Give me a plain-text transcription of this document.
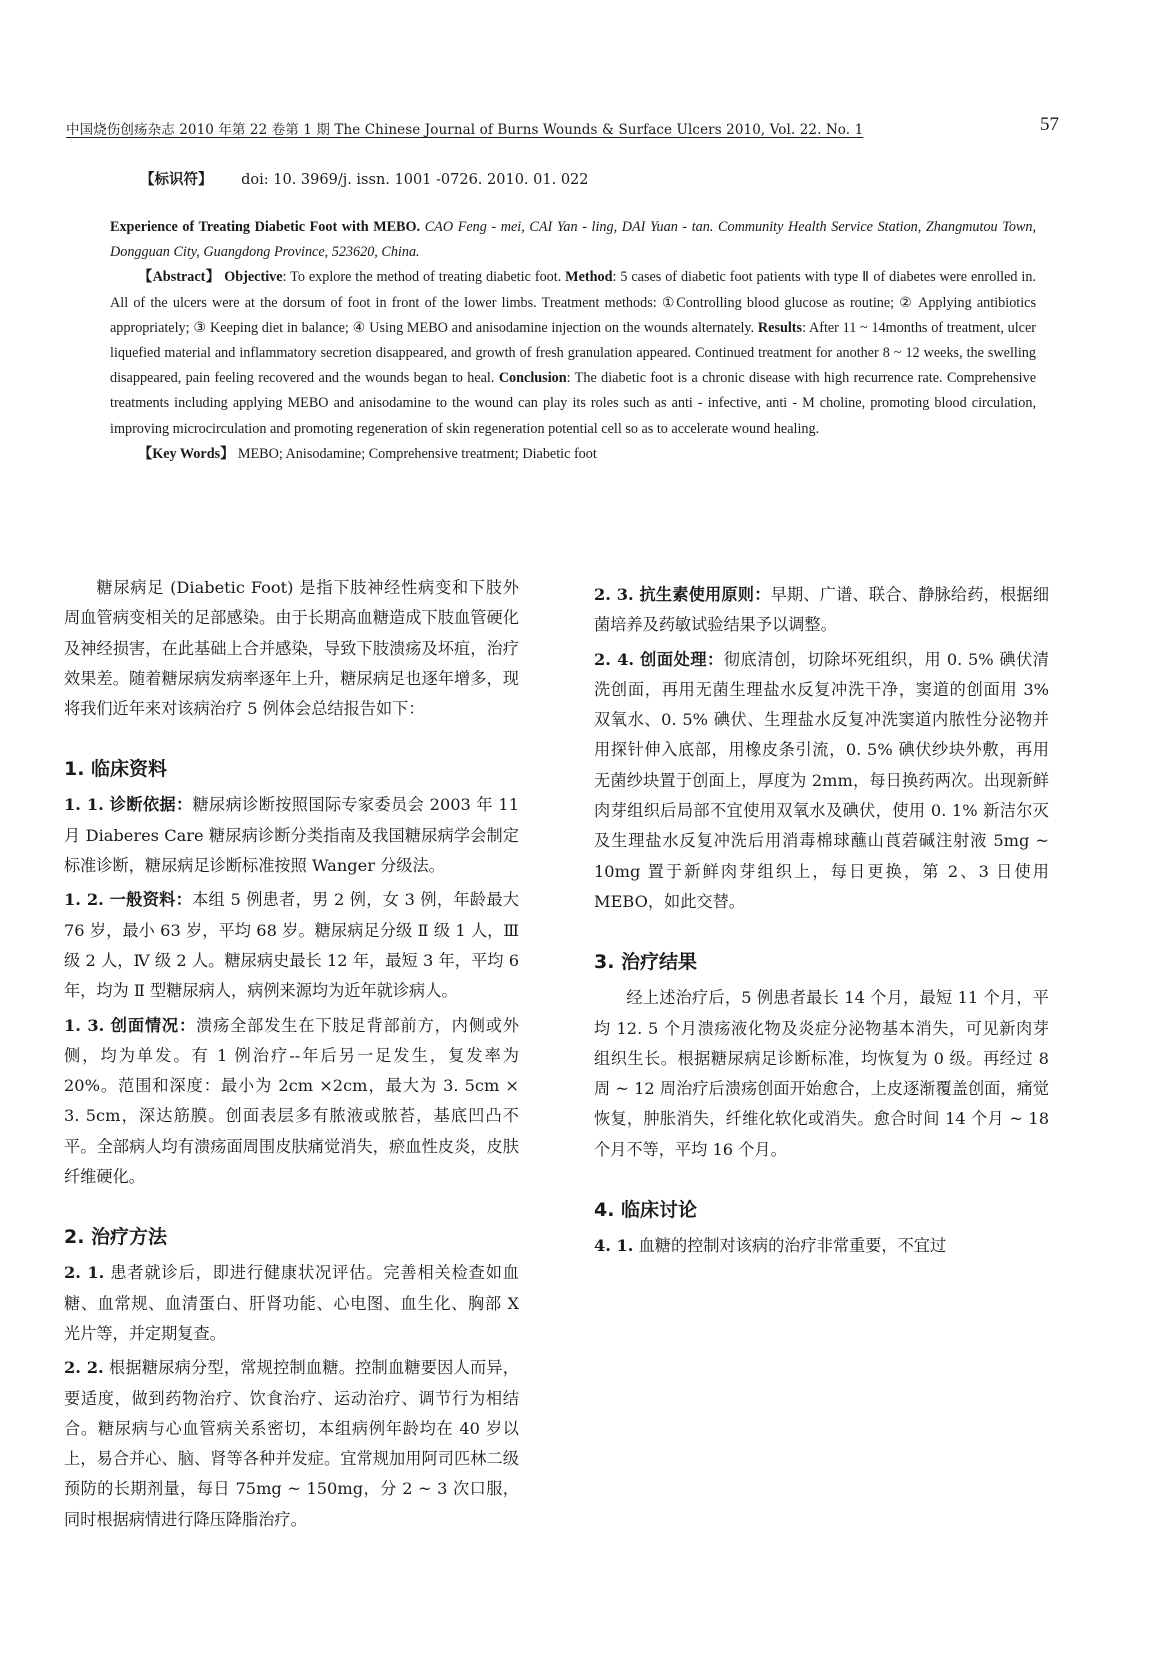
中国烧伤创疡杂志 2010 年第 22 卷第 1 期 The Chinese Journal of Burns Wounds & Surface Ulcers 2010, Vol. 22. No. 1	57
【标识符】 doi: 10. 3969/j. issn. 1001 -0726. 2010. 01. 022

Experience of Treating Diabetic Foot with MEBO. CAO Feng - mei, CAI Yan - ling, DAI Yuan - tan. Community Health Service Station, Zhangmutou Town, Dongguan City, Guangdong Province, 523620, China.

【Abstract】 Objective: To explore the method of treating diabetic foot. Method: 5 cases of diabetic foot patients with type Ⅱ of diabetes were enrolled in. All of the ulcers were at the dorsum of foot in front of the lower limbs. Treatment methods: ①Controlling blood glucose as routine; ② Applying antibiotics appropriately; ③ Keeping diet in balance; ④ Using MEBO and anisodamine injection on the wounds alternately. Results: After 11 ~ 14months of treatment, ulcer liquefied material and inflammatory secretion disappeared, and growth of fresh granulation appeared. Continued treatment for another 8 ~ 12 weeks, the swelling disappeared, pain feeling recovered and the wounds began to heal. Conclusion: The diabetic foot is a chronic disease with high recurrence rate. Comprehensive treatments including applying MEBO and anisodamine to the wound can play its roles such as anti - infective, anti - M choline, promoting blood circulation, improving microcirculation and promoting regeneration of skin regeneration potential cell so as to accelerate wound healing.

【Key Words】 MEBO; Anisodamine; Comprehensive treatment; Diabetic foot

糖尿病足 (Diabetic Foot) 是指下肢神经性病变和下肢外周血管病变相关的足部感染。由于长期高血糖造成下肢血管硬化及神经损害，在此基础上合并感染，导致下肢溃疡及坏疽，治疗效果差。随着糖尿病发病率逐年上升，糖尿病足也逐年增多，现将我们近年来对该病治疗 5 例体会总结报告如下：

1. 临床资料

1. 1. 诊断依据：糖尿病诊断按照国际专家委员会 2003 年 11 月 Diaberes Care 糖尿病诊断分类指南及我国糖尿病学会制定标准诊断，糖尿病足诊断标准按照 Wanger 分级法。

1. 2. 一般资料：本组 5 例患者，男 2 例，女 3 例，年龄最大 76 岁，最小 63 岁，平均 68 岁。糖尿病足分级 Ⅱ 级 1 人，Ⅲ 级 2 人，Ⅳ 级 2 人。糖尿病史最长 12 年，最短 3 年，平均 6 年，均为 Ⅱ 型糖尿病人，病例来源均为近年就诊病人。

1. 3. 创面情况：溃疡全部发生在下肢足背部前方，内侧或外侧，均为单发。有 1 例治疗--年后另一足发生，复发率为 20%。范围和深度：最小为 2cm ×2cm，最大为 3. 5cm × 3. 5cm，深达筋膜。创面表层多有脓液或脓苔，基底凹凸不平。全部病人均有溃疡面周围皮肤痛觉消失，瘀血性皮炎，皮肤纤维硬化。

2. 治疗方法

2. 1. 患者就诊后，即进行健康状况评估。完善相关检查如血糖、血常规、血清蛋白、肝肾功能、心电图、血生化、胸部 X 光片等，并定期复查。

2. 2. 根据糖尿病分型，常规控制血糖。控制血糖要因人而异，要适度，做到药物治疗、饮食治疗、运动治疗、调节行为相结合。糖尿病与心血管病关系密切，本组病例年龄均在 40 岁以上，易合并心、脑、肾等各种并发症。宜常规加用阿司匹林二级预防的长期剂量，每日 75mg ~ 150mg，分 2 ~ 3 次口服，同时根据病情进行降压降脂治疗。

2. 3. 抗生素使用原则：早期、广谱、联合、静脉给药，根据细菌培养及药敏试验结果予以调整。

2. 4. 创面处理：彻底清创，切除坏死组织，用 0. 5% 碘伏清洗创面，再用无菌生理盐水反复冲洗干净，窦道的创面用 3% 双氧水、0. 5% 碘伏、生理盐水反复冲洗窦道内脓性分泌物并用探针伸入底部，用橡皮条引流，0. 5% 碘伏纱块外敷，再用无菌纱块置于创面上，厚度为 2mm，每日换药两次。出现新鲜肉芽组织后局部不宜使用双氧水及碘伏，使用 0. 1% 新洁尔灭及生理盐水反复冲洗后用消毒棉球蘸山莨菪碱注射液 5mg ~ 10mg 置于新鲜肉芽组织上，每日更换，第 2、3 日使用 MEBO，如此交替。

3. 治疗结果

经上述治疗后，5 例患者最长 14 个月，最短 11 个月，平均 12. 5 个月溃疡液化物及炎症分泌物基本消失，可见新肉芽组织生长。根据糖尿病足诊断标准，均恢复为 0 级。再经过 8 周 ~ 12 周治疗后溃疡创面开始愈合，上皮逐渐覆盖创面，痛觉恢复，肿胀消失，纤维化软化或消失。愈合时间 14 个月 ~ 18 个月不等，平均 16 个月。

4. 临床讨论

4. 1. 血糖的控制对该病的治疗非常重要，不宜过
